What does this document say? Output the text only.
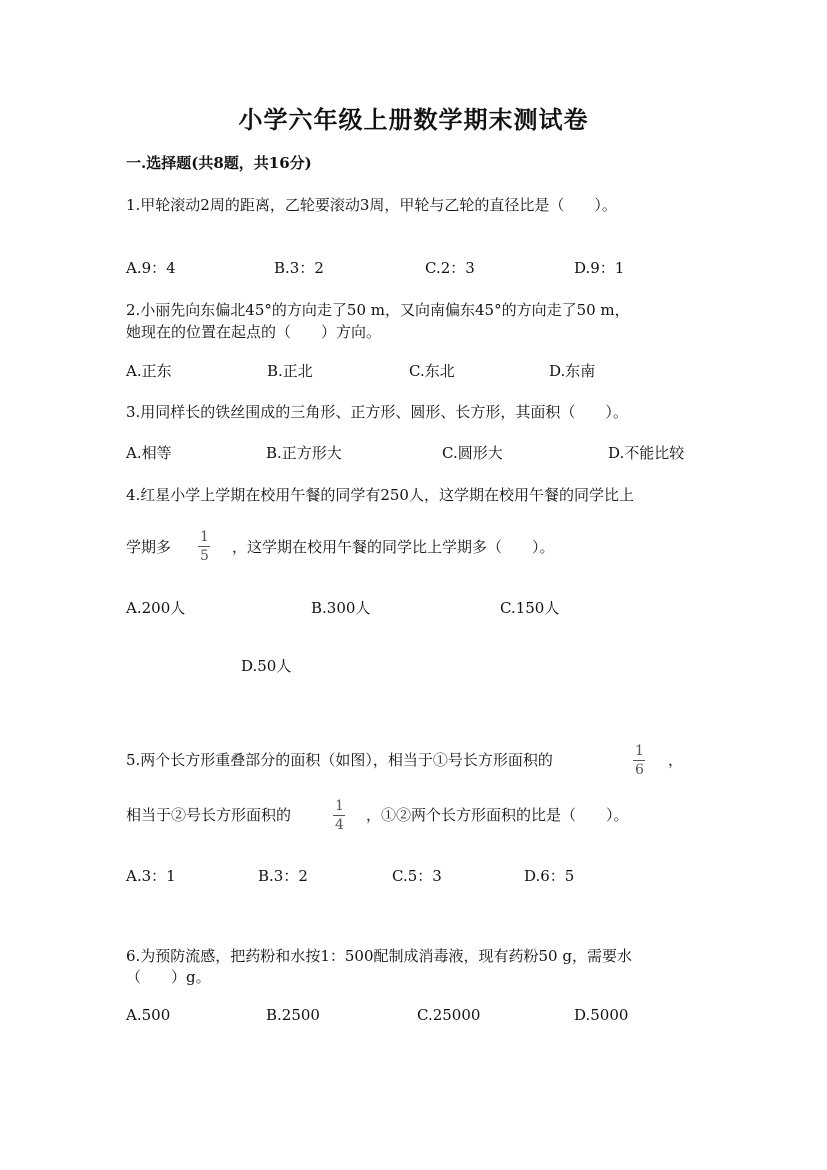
小学六年级上册数学期末测试卷
一.选择题(共8题，共16分)
1.甲轮滚动2周的距离，乙轮要滚动3周，甲轮与乙轮的直径比是（　　）。
A.9：4	B.3：2	C.2：3	D.9：1
2.小丽先向东偏北45°的方向走了50 m，又向南偏东45°的方向走了50 m，
她现在的位置在起点的（　　）方向。
A.正东	B.正北	C.东北	D.东南
3.用同样长的铁丝围成的三角形、正方形、圆形、长方形，其面积（　　）。
A.相等	B.正方形大	C.圆形大	D.不能比较
4.红星小学上学期在校用午餐的同学有250人，这学期在校用午餐的同学比上
学期多
1
5 ，这学期在校用午餐的同学比上学期多（　　）。
A.200人	B.300人	C.150人
D.50人
5.两个长方形重叠部分的面积（如图），相当于①号长方形面积的	1
6
，
相当于②号长方形面积的	1
4
，①②两个长方形面积的比是（　　）。
A.3：1	B.3：2	C.5：3	D.6：5
6.为预防流感，把药粉和水按1：500配制成消毒液，现有药粉50 g，需要水
（　　）g。
A.500	B.2500	C.25000	D.5000
